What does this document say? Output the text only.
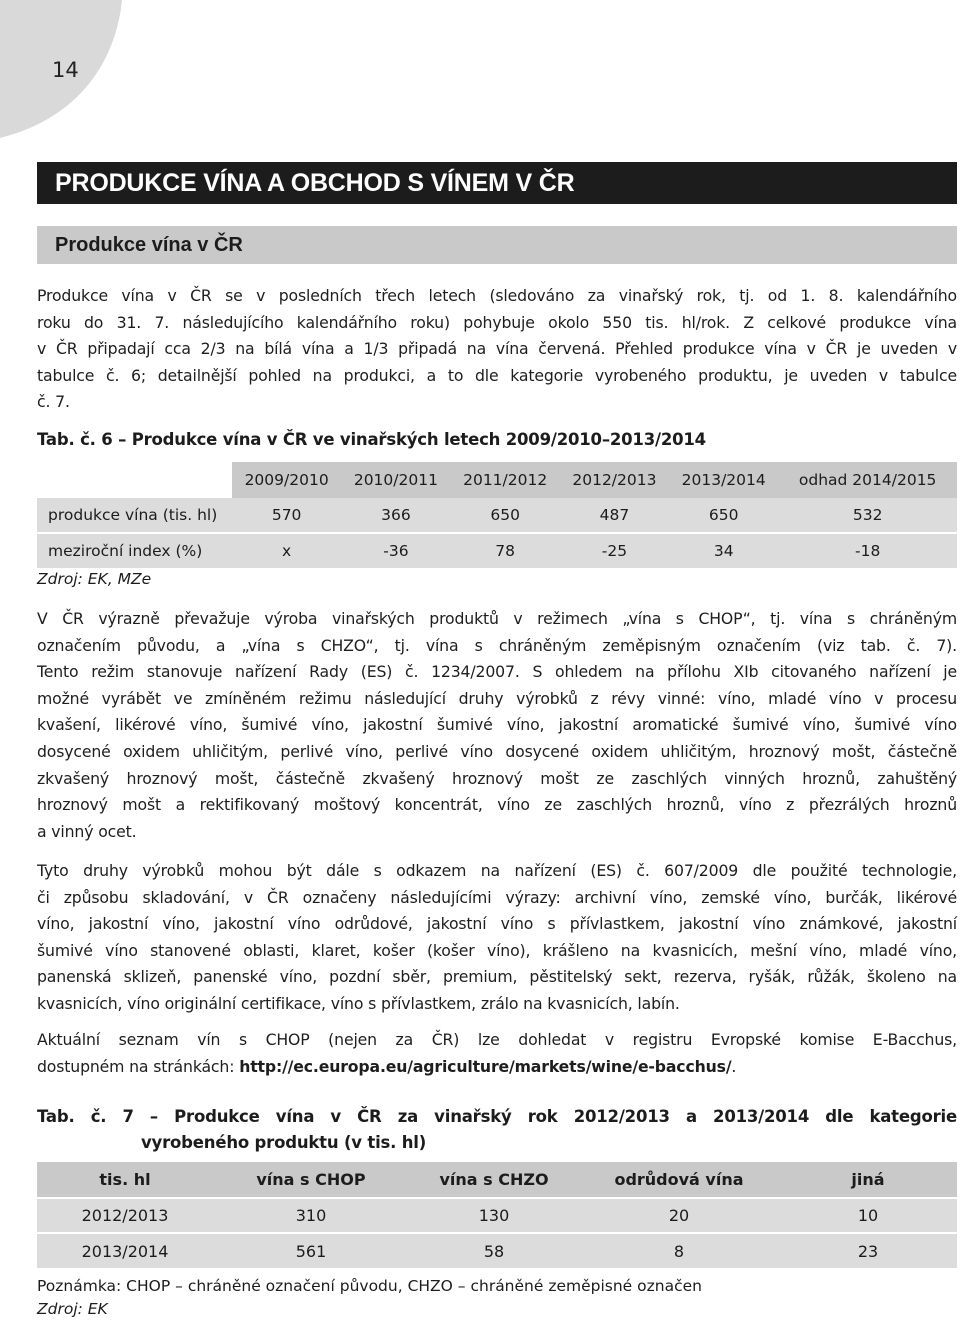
14
PRODUKCE VÍNA A OBCHOD S VÍNEM V ČR
Produkce vína v ČR
Produkce vína v ČR se v posledních třech letech (sledováno za vinařský rok, tj. od 1. 8. kalendářního
roku do 31. 7. následujícího kalendářního roku) pohybuje okolo 550 tis. hl/rok. Z celkové produkce vína
v ČR připadají cca 2/3 na bílá vína a 1/3 připadá na vína červená. Přehled produkce vína v ČR je uveden v
tabulce č. 6; detailnější pohled na produkci, a to dle kategorie vyrobeného produktu, je uveden v tabulce
č. 7.
Tab. č. 6 – Produkce vína v ČR ve vinařských letech 2009/2010–2013/2014
	2009/2010	2010/2011	2011/2012	2012/2013	2013/2014	odhad 2014/2015
produkce vína (tis. hl)	570	366	650	487	650	532
meziroční index (%)	x	-36	78	-25	34	-18
Zdroj: EK, MZe
V ČR výrazně převažuje výroba vinařských produktů v režimech „vína s CHOP“, tj. vína s chráněným
označením původu, a „vína s CHZO“, tj. vína s chráněným zeměpisným označením (viz tab. č. 7).
Tento režim stanovuje nařízení Rady (ES) č. 1234/2007. S ohledem na přílohu XIb citovaného nařízení je
možné vyrábět ve zmíněném režimu následující druhy výrobků z révy vinné: víno, mladé víno v procesu
kvašení, likérové víno, šumivé víno, jakostní šumivé víno, jakostní aromatické šumivé víno, šumivé víno
dosycené oxidem uhličitým, perlivé víno, perlivé víno dosycené oxidem uhličitým, hroznový mošt, částečně
zkvašený hroznový mošt, částečně zkvašený hroznový mošt ze zaschlých vinných hroznů, zahuštěný
hroznový mošt a rektifikovaný moštový koncentrát, víno ze zaschlých hroznů, víno z přezrálých hroznů
a vinný ocet.
Tyto druhy výrobků mohou být dále s odkazem na nařízení (ES) č. 607/2009 dle použité technologie,
či způsobu skladování, v ČR označeny následujícími výrazy: archivní víno, zemské víno, burčák, likérové
víno, jakostní víno, jakostní víno odrůdové, jakostní víno s přívlastkem, jakostní víno známkové, jakostní
šumivé víno stanovené oblasti, klaret, košer (košer víno), krášleno na kvasnicích, mešní víno, mladé víno,
panenská sklizeň, panenské víno, pozdní sběr, premium, pěstitelský sekt, rezerva, ryšák, růžák, školeno na
kvasnicích, víno originální certifikace, víno s přívlastkem, zrálo na kvasnicích, labín.
Aktuální seznam vín s CHOP (nejen za ČR) lze dohledat v registru Evropské komise E-Bacchus,
dostupném na stránkách: http://ec.europa.eu/agriculture/markets/wine/e-bacchus/.
Tab. č. 7 – Produkce vína v ČR za vinařský rok 2012/2013 a 2013/2014 dle kategorie
vyrobeného produktu (v tis. hl)
tis. hl	vína s CHOP	vína s CHZO	odrůdová vína	jiná
2012/2013	310	130	20	10
2013/2014	561	58	8	23
Poznámka: CHOP – chráněné označení původu, CHZO – chráněné zeměpisné označen
Zdroj: EK
